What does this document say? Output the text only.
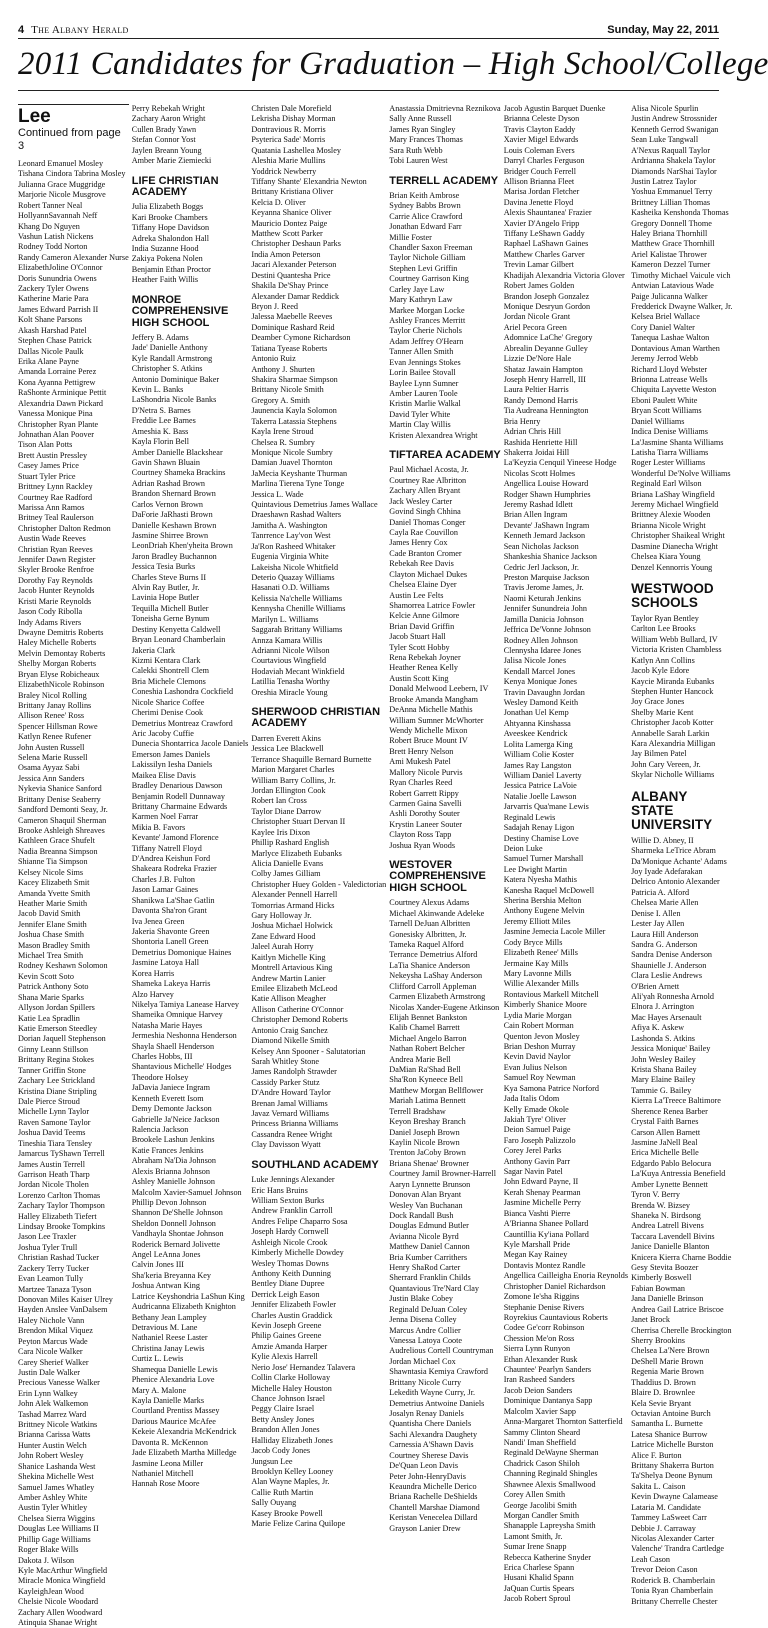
4 The Albany Herald	Sunday, May 22, 2011
2011 Candidates for Graduation – High School/College
Lee
Continued from page 3
Leonard Emanuel Mosley
Tishana Cindora Tabrina Mosley
Julianna Grace Muggridge
Marjorie Nicole Musgrove
Robert Tanner Neal
HollyannSavannah Neff
Khang Do Nguyen
Vashun Latish Nickens
Rodney Todd Norton
Randy Cameron Alexander Nurse
ElizabethJoline O'Connor
Doris Sunundria Owens
Zackery Tyler Owens
Katherine Marie Para
James Edward Parrish II
Kolt Shane Parsons
Akash Harshad Patel
Stephen Chase Patrick
Dallas Nicole Paulk
Erika Alane Payne
Amanda Lorraine Perez
Kona Ayanna Pettigrew
RaShonte Arminique Pettit
Alexandria Dawn Pickard
Vanessa Monique Pina
Christopher Ryan Plante
Johnathan Alan Poover
Tison Alan Potts
Brett Austin Pressley
Casey James Price
Stuart Tyler Price
Brittney Lynn Rackley
Courtney Rae Radford
Marissa Ann Ramos
Britney Teal Raulerson
Christopher Dalton Redmon
Austin Wade Reeves
Christian Ryan Reeves
Jennifer Dawn Register
Skyler Brooke Renfroe
Dorothy Fay Reynolds
Jacob Hunter Reynolds
Kristi Marie Reynolds
Jason Cody Ribolla
Indy Adams Rivers
Dwayne Demitris Roberts
Haley Michelle Roberts
Melvin Demontay Roberts
Shelby Morgan Roberts
Bryan Elyse Robicheaux
ElizabethNicole Robinson
Braley Nicol Rolling
Brittany Janay Rollins
Allison Renee' Ross
Spencer Hillsman Rowe
Katlyn Renee Rufener
John Austen Russell
Selena Marie Russell
Osama Ayyaz Sabi
Jessica Ann Sanders
Nykevia Shanice Sanford
Brittany Denise Seaberry
Sandford Demonti Seay, Jr.
Cameron Shaquil Sherman
Brooke Ashleigh Shreaves
Kathleen Grace Shufelt
Nadia Breanna Simpson
Shianne Tia Simpson
Kelsey Nicole Sims
Kacey Elizabeth Smit
Amanda Yvette Smith
Heather Marie Smith
Jacob David Smith
Jennifer Elane Smith
Joshua Chase Smith
Mason Bradley Smith
Michael Trea Smith
Rodney Keshawn Solomon
Kevin Scott Soto
Patrick Anthony Soto
Shana Marie Sparks
Allyson Jordan Spillers
Katie Lea Spradlin
Katie Emerson Steedley
Dorian Jaquell Stephenson
Ginny Leann Stillson
Brittany Regina Stokes
Tanner Griffin Stone
Zachary Lee Strickland
Kristina Diane Stripling
Dale Pierce Stroud
Michelle Lynn Taylor
Raven Samone Taylor
Joshua David Teems
Tineshia Tiara Tensley
Jamarcus TyShawn Terrell
James Austin Terrell
Garrison Heath Tharp
Jordan Nicole Tholen
Lorenzo Carlton Thomas
Zachary Taylor Thompson
Halley Elizabeth Tiefert
Lindsay Brooke Tompkins
Jason Lee Traxler
Joshua Tyler Trull
Christian Rashad Tucker
Zackery Terry Tucker
Evan Leamon Tully
Martzee Tanaza Tyson
Donovan Miles Kaiser Ulrey
Hayden Anslee VanDalsem
Haley Nichole Vann
Brendon Mikal Viquez
Peyton Marcus Wade
Cara Nicole Walker
Carey Sherief Walker
Justin Dale Walker
Precious Vanesse Walker
Erin Lynn Walkey
John Alek Walkemon
Tashad Marrez Ward
Brittney Nicole Watkins
Brianna Carissa Watts
Hunter Austin Welch
John Robert Wesley
Shanice Lashanda West
Shekina Michelle West
Samuel James Whatley
Amber Ashley White
Austin Tyler Whitley
Chelsea Sierra Wiggins
Douglas Lee Williams II
Phillip Gage Williams
Roger Blake Wills
Dakota J. Wilson
Kyle MacArthur Wingfield
Miracle Monica Wingfield
KayleighJean Wood
Chelsie Nicole Woodard
Zachary Allen Woodward
Atinquia Shanae Wright
Perry Rebekah Wright
Zachary Aaron Wright
Cullen Brady Yawn
Stefan Connor Yost
Jaylen Breann Young
Amber Marie Ziemiecki
LIFE CHRISTIAN ACADEMY
Julia Elizabeth Boggs
Kari Brooke Chambers
Tiffany Hope Davidson
Adreka Shalondon Hall
India Suzanne Hood
Zakiya Pokena Nolen
Benjamin Ethan Proctor
Heather Faith Willis
MONROE COMPREHENSIVE HIGH SCHOOL
Jeffery B. Adams
Jade' Danielle Anthony
Kyle Randall Armstrong
Christopher S. Atkins
Antonio Dominique Baker
Kevin L. Banks
LaShondria Nicole Banks
D'Netra S. Barnes
Freddie Lee Barnes
Ameshia K. Bass
Kayla Florin Bell
Amber Danielle Blackshear
Gavin Shawn Bluain
Courtney Shameka Brackins
Adrian Rashad Brown
Brandon Shernard Brown
Carlos Vernon Brown
DaForie JaRhasti Brown
Danielle Keshawn Brown
Jasmine Shirree Brown
LeonDriah Khen'yheita Brown
Jaron Bradley Buchannon
Jessica Tesia Burks
Charles Steve Burns II
Alvin Ray Butler, Jr.
Lavinia Hope Butler
Tequilla Michell Butler
Toneisha Gerne Bynum
Destiny Kenyetta Caldwell
Bryan Leonard Chamberlain
Jakeria Clark
Kizmi Kentara Clark
Calekki Shontrell Clem
Bria Michele Clemons
Coneshia Lashondra Cockfield
Nicole Sharice Coffee
Cherimi Denise Cook
Demetrius Montreaz Crawford
Aric Jacoby Cuffie
Dunecia Shontarrica Jacole Daniels
Emerson James Daniels
Lakissilyn Iesha Daniels
Maikea Elise Davis
Bradley Denarious Dawson
Benjamin Rodell Dunnaway
Brittany Charmaine Edwards
Karmen Noel Farrar
Mikia B. Favors
Kevante' Jamond Florence
Tiffany Natrell Floyd
D'Andrea Keishun Ford
Shakeara Rodreka Frazier
Charles J.B. Fulton
Jason Lamar Gaines
Shanikwa La'Shae Gatlin
Davonta Sha'ron Grant
Iva Jenea Green
Jakeria Shavonte Green
Shontoria Lanell Green
Demetrius Domonique Haines
Jasmine Latoya Hall
Korea Harris
Shameka Lakeya Harris
Alzo Harvey
Nikelya Tamiya Lanease Harvey
Shameika Omnique Harvey
Natasha Marie Hayes
Jermeshia Neshonna Henderson
Shayla Shaell Henderson
Charles Hobbs, III
Shantavious Michelle' Hodges
Theodore Holsey
JaDavia Janiece Ingram
Kenneth Everett Isom
Demy Demonte Jackson
Gabrielle Ja'Neice Jackson
Ralencia Jackson
Brookele Lashun Jenkins
Katie Frances Jenkins
Abraham Na'Dia Johnson
Alexis Brianna Johnson
Ashley Manielle Johnson
Malcolm Xavier-Samuel Johnson
Phillip Devon Johnson
Shannon De'Shelle Johnson
Sheldon Donnell Johnson
Vandhayla Shontae Johnson
Roderick Bernard Jolivette
Angel LeAnna Jones
Calvin Jones III
Sha'keria Breyanna Key
Joshua Antwan King
Latrice Keyshondria LaShun King
Audricanna Elizabeth Knighton
Bethany Jean Lampley
Detravious M. Lane
Nathaniel Reese Laster
Christina Janay Lewis
Curtiz L. Lewis
Shamequa Danielle Lewis
Phenice Alexandria Love
Mary A. Malone
Kayla Danielle Marks
Courtland Prentiss Massey
Darious Maurice McAfee
Kekeie Alexandria McKendrick
Davonta R. McKennon
Jade Elizabeth Martha Milledge
Jasmine Leona Miller
Nathaniel Mitchell
Hannah Rose Moore
Christen Dale Morefield
Lekrisha Dishay Morman
Dontravious R. Morris
Psyterica Sade' Morris
Quatania Lashellea Mosley
Aleshia Marie Mullins
Yoddrick Newberry
Tiffany Shante' Elexandria Newton
Brittany Kristiana Oliver
Kelcia D. Oliver
Keyanna Shanice Oliver
Mauricio Dontez Paige
Matthew Scott Parker
Christopher Deshaun Parks
India Amon Peterson
Jacari Alexander Peterson
Destini Quantesha Price
Shakila De'Shay Prince
Alexander Damar Reddick
Bryon J. Reed
Jalessa Maebelle Reeves
Dominique Rashard Reid
Deamber Cymone Richardson
Tatiana Tyease Roberts
Antonio Ruiz
Anthony J. Shurten
Shakira Sharmae Simpson
Brittany Nicole Smith
Gregory A. Smith
Jaunencia Kayla Solomon
Takerra Latassia Stephens
Kayla Irene Stroud
Chelsea R. Sumbry
Monique Nicole Sumbry
Damian Juavel Thornton
JaMecia Keyshante Thurman
Marlina Tierena Tyne Tonge
Jessica L. Wade
Quintavious Demetrius James Wallace
Draeshawn Rashad Walters
Jamitha A. Washington
Tanrrence Lay'von West
Ja'Ron Rasheed Whitaker
Eugenia Virginia White
Lakeisha Nicole Whitfield
Deterio Quazay Williams
Hasanati O.D. Williams
Kelissia Na'chelle Williams
Kennysha Chenille Williams
Marilyn L. Williams
Saggarah Brittany Williams
Annza Kamara Willis
Adrianni Nicole Wilson
Courtavious Wingfield
Hodaviah Mecant Winkfield
Latillia Tenasha Worthy
Oreshia Miracle Young
SHERWOOD CHRISTIAN ACADEMY
Darren Everett Akins
Jessica Lee Blackwell
Terrance Shaquille Bernard Burnette
Marion Margaret Charles
William Barry Collins, Jr.
Jordan Ellington Cook
Robert Ian Cross
Taylor Diane Darrow
Christopher Stuart Dervan II
Kaylee Iris Dixon
Phillip Rashard English
Marlyce Elizabeth Eubanks
Alicia Danielle Evans
Colby James Gilliam
Christopher Huey Golden - Valedictorian
Alexander Pennell Harrell
Tomorrias Armand Hicks
Gary Holloway Jr.
Joshua Michael Holwick
Zane Edward Hood
Jaleel Aurah Horry
Kaitlyn Michelle King
Montrell Artavious King
Andrew Martin Lanier
Emilee Elizabeth McLeod
Katie Allison Meagher
Allison Catherine O'Connor
Christopher Demond Roberts
Antonio Craig Sanchez
Diamond Nikelle Smith
Kelsey Ann Spooner - Salutatorian
Sarah Whitley Stone
James Randolph Strawder
Cassidy Parker Stutz
D'Andre Howard Taylor
Brenan Jamal Williams
Javaz Vernard Williams
Princess Brianna Williams
Cassandra Renee Wright
Clay Davisson Wyatt
SOUTHLAND ACADEMY
Luke Jennings Alexander
Eric Hans Bruins
William Sexton Burks
Andrew Franklin Carroll
Andres Felipe Chaparro Sosa
Joseph Hardy Cornwell
Ashleigh Nicole Crook
Kimberly Michelle Dowdey
Wesley Thomas Downs
Anthony Keith Dunning
Bentley Diane Dupree
Derrick Leigh Eason
Jennifer Elizabeth Fowler
Charles Austin Graddick
Kevin Joseph Greene
Philip Gaines Greene
Amzie Amanda Harper
Kylie Alexis Harrell
Nerio Jose' Hernandez Talavera
Collin Clarke Holloway
Michelle Haley Houston
Chance Johnson Israel
Peggy Claire Israel
Betty Ansley Jones
Brandon Allen Jones
Halliday Elizabeth Jones
Jacob Cody Jones
Jungsun Lee
Brooklyn Kelley Looney
Alan Wayne Maples, Jr.
Callie Ruth Martin
Sally Ouyang
Kasey Brooke Powell
Marie Felize Carina Quilope
Anastassia Dmitrievna Reznikova
Sally Anne Russell
James Ryan Singley
Mary Frances Thomas
Sara Ruth Webb
Tobi Lauren West
TERRELL ACADEMY
Brian Keith Ambrose
Sydney Babbs Brown
Carrie Alice Crawford
Jonathan Edward Farr
Millie Foster
Chandler Saxon Freeman
Taylor Nichole Gilliam
Stephen Levi Griffin
Courtney Garrison King
Carley Jaye Law
Mary Kathryn Law
Markee Morgan Locke
Ashley Frances Merritt
Taylor Cherie Nichols
Adam Jeffrey O'Hearn
Tanner Allen Smith
Evan Jennings Stokes
Lorin Bailee Stovall
Baylee Lynn Sumner
Amber Lauren Toole
Kristin Marlie Walkal
David Tyler White
Martin Clay Willis
Kristen Alexandrea Wright
TIFTAREA ACADEMY
Paul Michael Acosta, Jr.
Courtney Rae Albritton
Zachary Allen Bryant
Jack Wesley Carter
Govind Singh Chhina
Daniel Thomas Conger
Cayla Rae Couvillon
James Henry Cox
Cade Branton Cromer
Rebekah Ree Davis
Clayton Michael Dukes
Chelsea Elaine Dyer
Austin Lee Felts
Shamorrea Latrice Fowler
Kelcie Anne Gilmore
Brian David Griffin
Jacob Stuart Hall
Tyler Scott Hobby
Rena Rebekah Joyner
Heather Renea Kelly
Austin Scott King
Donald Melwood Leebern, IV
Brooke Amanda Mangham
DeAnna Michelle Mathis
William Sumner McWhorter
Wendy Michelle Mixon
Robert Bruce Mount IV
Brett Henry Nelson
Ami Mukesh Patel
Mallory Nicole Purvis
Ryan Charles Reed
Robert Garrett Rippy
Carmen Gaina Savelli
Ashli Dorothy Souter
Krystin Laneer Souter
Clayton Ross Tapp
Joshua Ryan Woods
WESTOVER COMPREHENSIVE HIGH SCHOOL
Courtney Alexus Adams
Michael Akinwande Adeleke
Tarnell DeJuan Albritten
Gonesisky Albritten, Jr.
Tameka Raquel Alford
Terrance Demetrius Alford
LaTia Shanice Anderson
Nekeysha LaShay Anderson
Clifford Carroll Appleman
Carmen Elizabeth Armstrong
Nicolas Xander-Eugene Atkinson
Elijah Bennet Bankston
Kalib Chamel Barrett
Michael Angelo Barron
Nathan Robert Belcher
Andrea Marie Bell
DaMian Ra'Shad Bell
Sha'Ron Kyneece Bell
Matthew Morgan Bellflower
Mariah Latima Bennett
Terrell Bradshaw
Keyon Breshay Branch
Daniel Joseph Brown
Kaylin Nicole Brown
Trenton JaCoby Brown
Briana Shenae' Browner
Courtney Jamil Browner-Harrell
Aaryn Lynnette Brunson
Donovan Alan Bryant
Wesley Van Buchanan
Dock Randall Bush
Douglas Edmund Butler
Avianna Nicole Byrd
Matthew Daniel Cannon
Bria Kumber Carrithers
Henry ShaRod Carter
Sherrard Franklin Childs
Quantavious Tre'Nard Clay
Justin Blake Cobey
Reginald DeJuan Coley
Jenna Disena Colley
Marcus Andre Collier
Vanessa Latoya Coote
Audrelious Cortell Countryman
Jordan Michael Cox
Shawntasia Kemiya Crawford
Brittany Nicole Curry
Lekedith Wayne Curry, Jr.
Demetrius Antwoine Daniels
Josalyn Renay Daniels
Quantisha Chere Daniels
Sachi Alexandra Daughety
Carnessia A'Shawn Davis
Courtney Sherese Davis
De'Quan Leon Davis
Peter John-HenryDavis
Keaundra Michelle Derico
Briana Rachelle DeShields
Chantell Marshae Diamond
Keristan Venecelea Dillard
Grayson Lanier Drew
Jacob Agustin Barquet Duenke
Brianna Celeste Dyson
Travis Clayton Eaddy
Xavier Migel Edwards
Louis Coleman Evers
Darryl Charles Ferguson
Bridger Couch Ferrell
Allison Brianna Fleet
Marisa Jordan Fletcher
Davina Jenette Floyd
Alexis Shauntanea' Frazier
Xavier D'Angelo Fripp
Tiffany LeShawn Gaddy
Raphael LaShawn Gaines
Matthew Charles Garver
Trevin Lamar Gilbert
Khadijah Alexandria Victoria Glover
Robert James Golden
Brandon Joseph Gonzalez
Monique Desryun Gordon
Jordan Nicole Grant
Ariel Pecora Green
Adomnice LaChe' Gregory
Abrealin Deyanne Gulley
Lizzie De'Nore Hale
Shataz Jawain Hampton
Joseph Henry Harrell, III
Laura Peltier Harris
Randy Demond Harris
Tia Audreana Hennington
Bria Henry
Adrian Chris Hill
Rashida Henriette Hill
Shakerra Joidai Hill
La'Keyzia Cenquil Yineese Hodge
Nicolas Scott Holmes
Angellica Louise Howard
Rodger Shawn Humphries
Jeremy Rashad Idlett
Brian Allen Ingram
Devante' JaShawn Ingram
Kenneth Jemard Jackson
Sean Nicholas Jackson
Shankeshia Shanice Jackson
Cedric Jerl Jackson, Jr.
Preston Marquise Jackson
Travis Jerome James, Jr.
Naomi Keturah Jenkins
Jennifer Sunundreia John
Jamilla Danicia Johnson
Jeffrica De'Vonne Johnson
Rodney Allen Johnson
Clennysha Idaree Jones
Jalisa Nicole Jones
Kendall Marcel Jones
Kenya Monique Jones
Travin Davaughn Jordan
Wesley Damond Keith
Jonathan Uel Kemp
Ahtyanna Kinshassa
Aveeskee Kendrick
Lolita Lamerga King
William Colie Koster
James Ray Langston
William Daniel Laverty
Jessica Patrice LaVoie
Natalie Joelle Lawson
Jarvarris Qua'mane Lewis
Reginald Lewis
Sadajah Renay Ligon
Destiny Chamise Love
Deion Luke
Samuel Turner Marshall
Lee Dwight Martin
Katera Nyesha Mathis
Kanesha Raquel McDowell
Sherina Bershia Melton
Anthony Eugene Melvin
Jeremy Elliott Miles
Jasmine Jemecia Lacole Miller
Cody Bryce Mills
Elizabeth Renee' Mills
Jermaine Kay Mills
Mary Lavonne Mills
Willie Alexander Mills
Rontavious Markell Mitchell
Kimberly Shanice Moore
Lydia Marie Morgan
Cain Robert Morman
Quenton Jevon Mosley
Brian Deshon Murray
Kevin David Naylor
Evan Julius Nelson
Samuel Roy Newman
Kya Samona Patrice Norford
Jada Italis Odom
Kelly Emade Okole
Jakiah Tyre' Oliver
Deion Samuel Paige
Faro Joseph Palizzolo
Corey Jerel Parks
Anthony Gavin Parr
Sagar Navin Patel
John Edward Payne, II
Kerah Shenay Pearman
Jasmine Michelle Perry
Bianca Vashti Pierre
A'Brianna Shanee Pollard
Cauntillia Ky'iana Pollard
Kyle Marshall Pride
Megan Kay Rainey
Dontavis Montez Randle
Angellica Cailleigha Enoria Reynolds
Christopher Daniel Richardson
Zomone Ie'sha Riggins
Stephanie Denise Rivers
Royrekius Cauntavious Roberts
Codee Ge'corr Robinson
Chession Me'on Ross
Sierra Lynn Runyon
Ethan Alexander Rusk
Chauntee' Pearlyn Sanders
Iran Rasheed Sanders
Jacob Deion Sanders
Dominique Dantanya Sapp
Malcolm Xavier Sapp
Anna-Margaret Thornton Satterfield
Sammy Clinton Sheard
Nandi' Iman Sheffield
Reginald DeWayne Sherman
Chadrick Cason Shiloh
Channing Reginald Shingles
Shawnee Alexis Smallwood
Corey Allen Smith
George Jacolibi Smith
Morgan Candler Smith
Shanapple Lapreysha Smith
Lamont Smith, Jr.
Sumar Irene Snapp
Rebecca Katherine Snyder
Erica Charlese Spann
Husani Khalid Spann
JaQuan Curtis Spears
Jacob Robert Sproul
Alisa Nicole Spurlin
Justin Andrew Strossnider
Kenneth Gerrod Swanigan
Sean Luke Tangwall
A'Nexus Raquall Taylor
Ardrianna Shakela Taylor
Diamonds NarShai Taylor
Justin Latrez Taylor
Yoshua Emmanuel Terry
Brittney Lillian Thomas
Kasheika Kenshonda Thomas
Gregory Donnell Thome
Haley Briana Thornhill
Matthew Grace Thornhill
Ariel Kalistae Thrower
Kameron Dezzel Turner
Timothy Michael Vaicule vich
Antwian Latavious Wade
Paige Julicanna Walker
Fredderick Dwayne Walker, Jr.
Kelsea Briel Wallace
Cory Daniel Walter
Tanequa Lashae Walton
Dontavious Aman Warthen
Jeremy Jerrod Webb
Richard Lloyd Webster
Brionna Latrease Wells
Chiquita Layvette Weston
Eboni Paulett White
Bryan Scott Williams
Daniel Williams
Indica Denise Williams
La'Jasmine Shanta Williams
Latisha Tiarra Williams
Roger Lester Williams
Wonderful De'Nolve Williams
Reginald Earl Wilson
Briana LaShay Wingfield
Jeremy Michael Wingfield
Brittney Alexie Wooden
Brianna Nicole Wright
Christopher Shaikeal Wright
Dasmine Dianecha Wright
Chelsea Kiara Young
Denzel Kennorris Young
WESTWOOD SCHOOLS
Taylor Ryan Bentley
Carlton Lee Brooks
William Webb Bullard, IV
Victoria Kristen Chambless
Katlyn Ann Collins
Jacob Kyle Edore
Kaycie Miranda Eubanks
Stephen Hunter Hancock
Joy Grace Jones
Shelby Marie Kent
Christopher Jacob Kotter
Annabelle Sarah Larkin
Kara Alexandria Milligan
Jay Bilmen Patel
John Cary Vereen, Jr.
Skylar Nicholle Williams
ALBANY STATE UNIVERSITY
Willie D. Abney, II
Sharmeka LeTrice Abram
Da'Monique Achante' Adams
Joy Iyade Adefarakan
Delrico Antonio Alexander
Patricia A. Alford
Chelsea Marie Allen
Denise I. Allen
Lester Jay Allen
Laura Hill Anderson
Sandra G. Anderson
Sandra Denise Anderson
Shaunielle J. Anderson
Clara Leslie Andrews
O'Brien Arnett
Ali'yah Ronnesha Arnold
Elnora J. Arrington
Mac Hayes Arsenault
Afiya K. Askew
Lashonda S. Atkins
Jessica Monique' Bailey
John Wesley Bailey
Krista Shana Bailey
Mary Elaine Bailey
Tammie G. Bailey
Kierra La'Treece Baltimore
Sherence Renea Barber
Crystal Faith Barnes
Carson Allen Barnett
Jasmine JaNell Beal
Erica Michelle Belle
Edgardo Pablo Belocura
La'Kuya Antressia Benefield
Amber Lynette Bennett
Tyron V. Berry
Brenda W. Bizsey
Shaneka N. Birdsong
Andrea Latrell Bivens
Taccara Lavendell Bivins
Janice Danielle Blanton
Knicera Kierra Charne Boddie
Gesy Stevita Boozer
Kimberly Boswell
Fabian Bowman
Jana Danielle Brinson
Andrea Gail Latrice Briscoe
Janet Brock
Cherrisa Cherelle Brockington
Sherry Brookins
Chelsea La'Nere Brown
DeShell Marie Brown
Regenia Marie Brown
Thaddius D. Brown
Blaire D. Brownlee
Kela Sevie Bryant
Octavian Antoine Burch
Samantha L. Burnette
Latesa Shanice Burrow
Latrice Michelle Burston
Alice F. Burton
Brittany Shakerra Burton
Ta'Shelya Deone Bynum
Sakita L. Caison
Kevin Dwayne Calamease
Lataria M. Candidate
Tammey LaSweet Carr
Debbie J. Carraway
Nicolas Alexander Carter
Valenche' Trandra Cartledge
Leah Cason
Trevor Deion Cason
Roderick B. Chamberlain
Tonia Ryan Chamberlain
Brittany Cherrelle Chester
